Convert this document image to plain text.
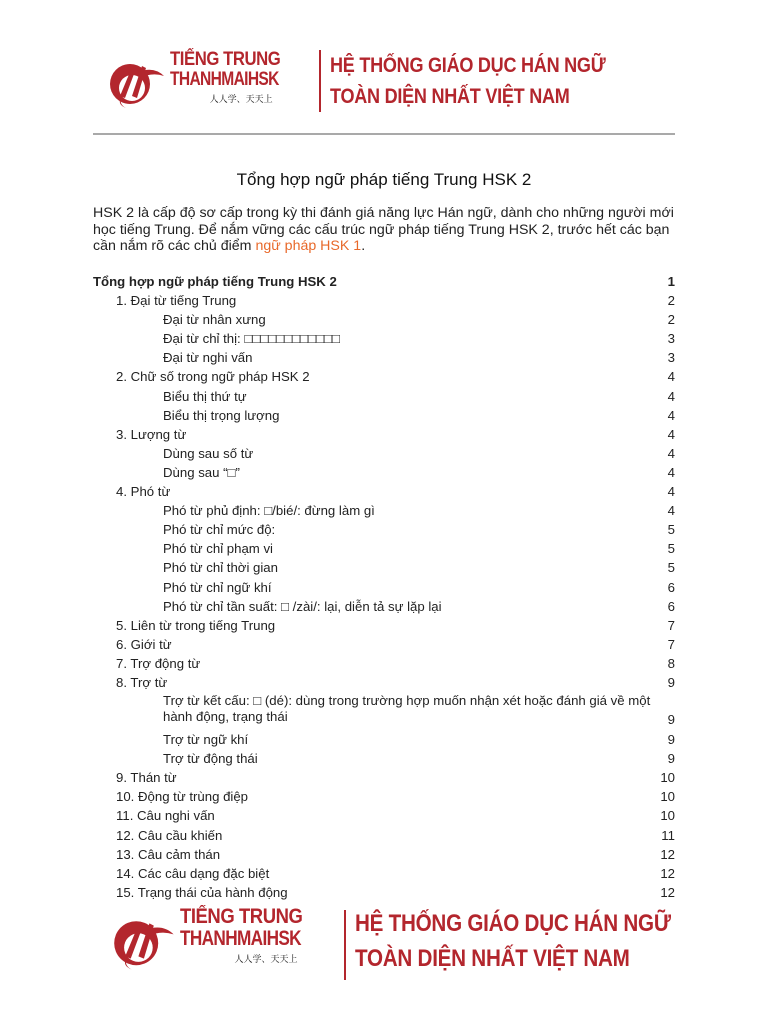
TIẾNG TRUNG
THANHMAIHSK
人人学、天天上
HỆ THỐNG GIÁO DỤC HÁN NGỮ
TOÀN DIỆN NHẤT VIỆT NAM
Tổng hợp ngữ pháp tiếng Trung HSK 2
HSK 2 là cấp độ sơ cấp trong kỳ thi đánh giá năng lực Hán ngữ, dành cho những người mới học tiếng Trung. Để nắm vững các cấu trúc ngữ pháp tiếng Trung HSK 2, trước hết các bạn cần nắm rõ các chủ điểm ngữ pháp HSK 1.
Tổng hợp ngữ pháp tiếng Trung HSK 2	1
1. Đại từ tiếng Trung	2
Đại từ nhân xưng	2
Đại từ chỉ thị: □□□□□□□□□□□□	3
Đại từ nghi vấn	3
2. Chữ số trong ngữ pháp HSK 2	4
Biểu thị thứ tự	4
Biểu thị trọng lượng	4
3. Lượng từ	4
Dùng sau số từ	4
Dùng sau “□”	4
4. Phó từ	4
Phó từ phủ định: □/bié/: đừng làm gì	4
Phó từ chỉ mức độ:	5
Phó từ chỉ phạm vi	5
Phó từ chỉ thời gian	5
Phó từ chỉ ngữ khí	6
Phó từ chỉ tần suất: □ /zài/: lại, diễn tả sự lặp lại	6
5. Liên từ trong tiếng Trung	7
6. Giới từ	7
7. Trợ động từ	8
8. Trợ từ	9
Trợ từ kết cấu: □ (dé): dùng trong trường hợp muốn nhận xét hoặc đánh giá về một hành động, trạng thái	9
Trợ từ ngữ khí	9
Trợ từ động thái	9
9. Thán từ	10
10. Động từ trùng điệp	10
11. Câu nghi vấn	10
12. Câu cầu khiến	11
13. Câu cảm thán	12
14. Các câu dạng đặc biệt	12
15. Trạng thái của hành động	12
TIẾNG TRUNG
THANHMAIHSK
人人学、天天上
HỆ THỐNG GIÁO DỤC HÁN NGỮ
TOÀN DIỆN NHẤT VIỆT NAM
